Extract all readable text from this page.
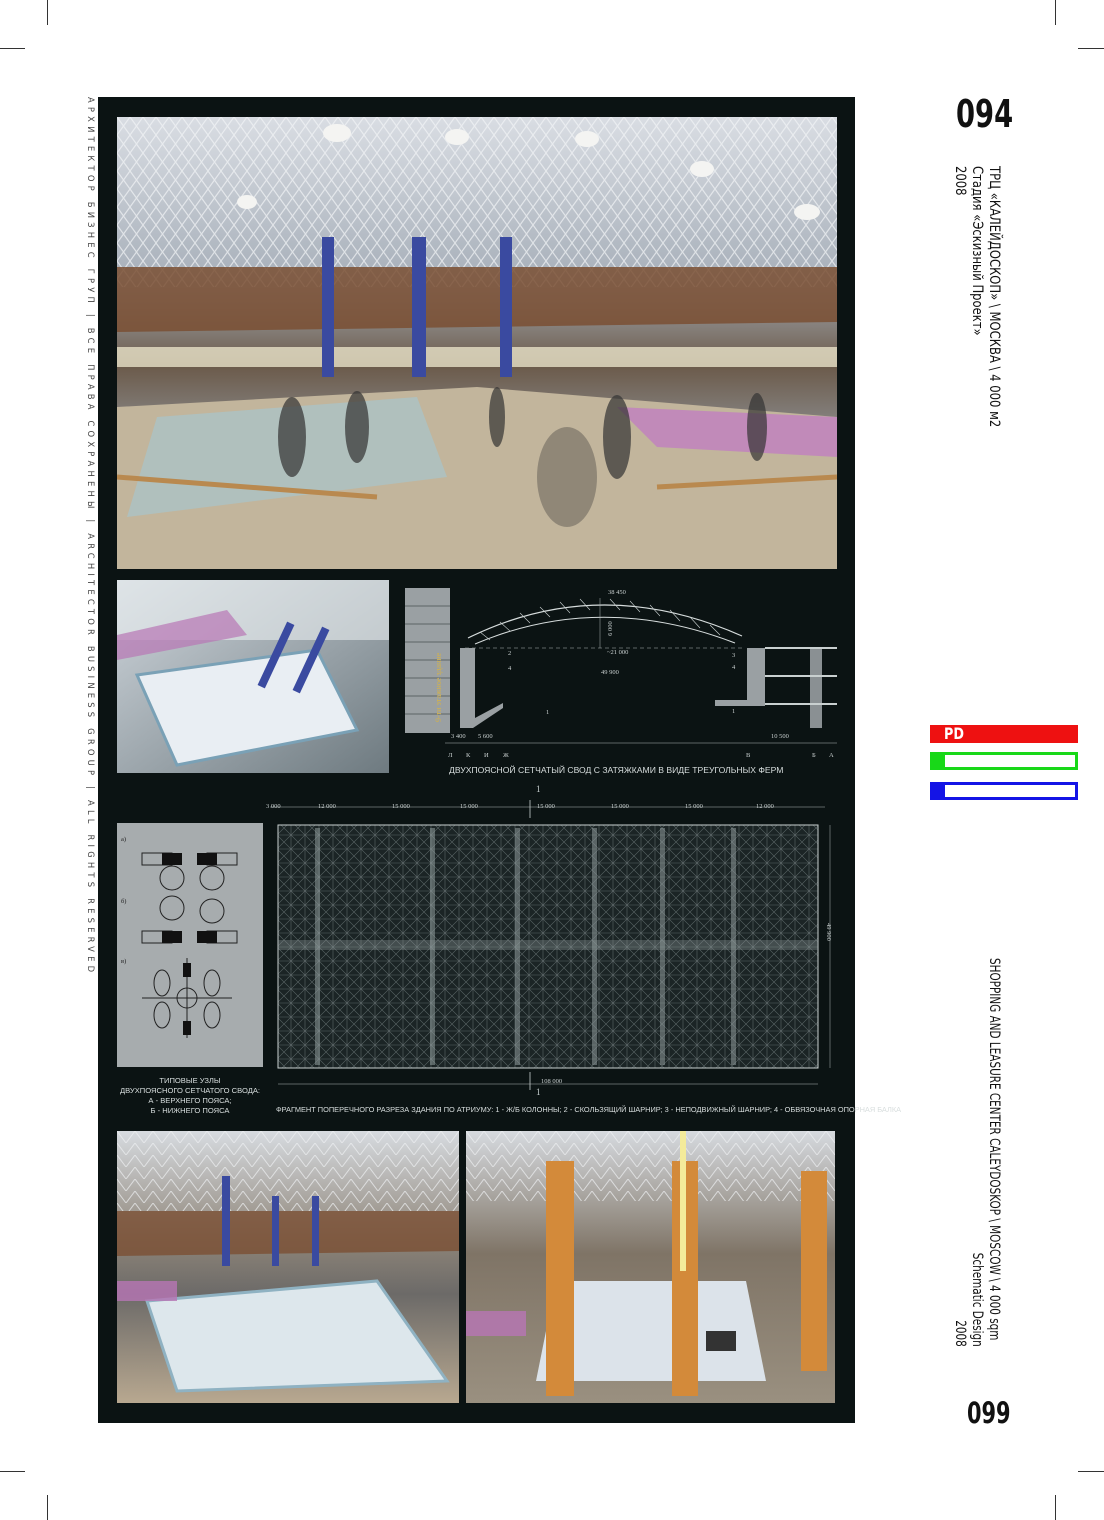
АРХИТЕКТОР БИЗНЕС ГРУП | ВСЕ ПРАВА СОХРАНЕНЫ | ARCHITECTOR BUSINESS GROUP | ALL RIGHTS RESERVED	38 450
6 000
~21 000
49 900
3 400 5 600	10 500
2
4
1
3
4
1
9-ти этажное здание
Л К И Ж	В	Б А
ДВУХПОЯСНОЙ СЕТЧАТЫЙ СВОД С ЗАТЯЖКАМИ В ВИДЕ ТРЕУГОЛЬНЫХ ФЕРМ
3 000	12 000	15 000	15 000	15 000	15 000	15 000	12 000
1
1
108 000
49 900
ФРАГМЕНТ ПОПЕРЕЧНОГО РАЗРЕЗА ЗДАНИЯ ПО АТРИУМУ: 1 - Ж/Б КОЛОННЫ; 2 - СКОЛЬЗЯЩИЙ ШАРНИР; 3 - НЕПОДВИЖНЫЙ ШАРНИР; 4 - ОБВЯЗОЧНАЯ ОПОРНАЯ БАЛКА
а)
б)
в)
ТИПОВЫЕ УЗЛЫ
ДВУХПОЯСНОГО СЕТЧАТОГО СВОДА:
А - ВЕРХНЕГО ПОЯСА;
Б - НИЖНЕГО ПОЯСА
094
099
ТРЦ «КАЛЕЙДОСКОП» \ МОСКВА \ 4 000 м2
Стадия «Эскизный Проект»
2008
SHOPPING AND LEASURE CENTER CALEYDOSKOP \ MOSCOW \ 4 000 sqm
Schematic Design
2008
PD
